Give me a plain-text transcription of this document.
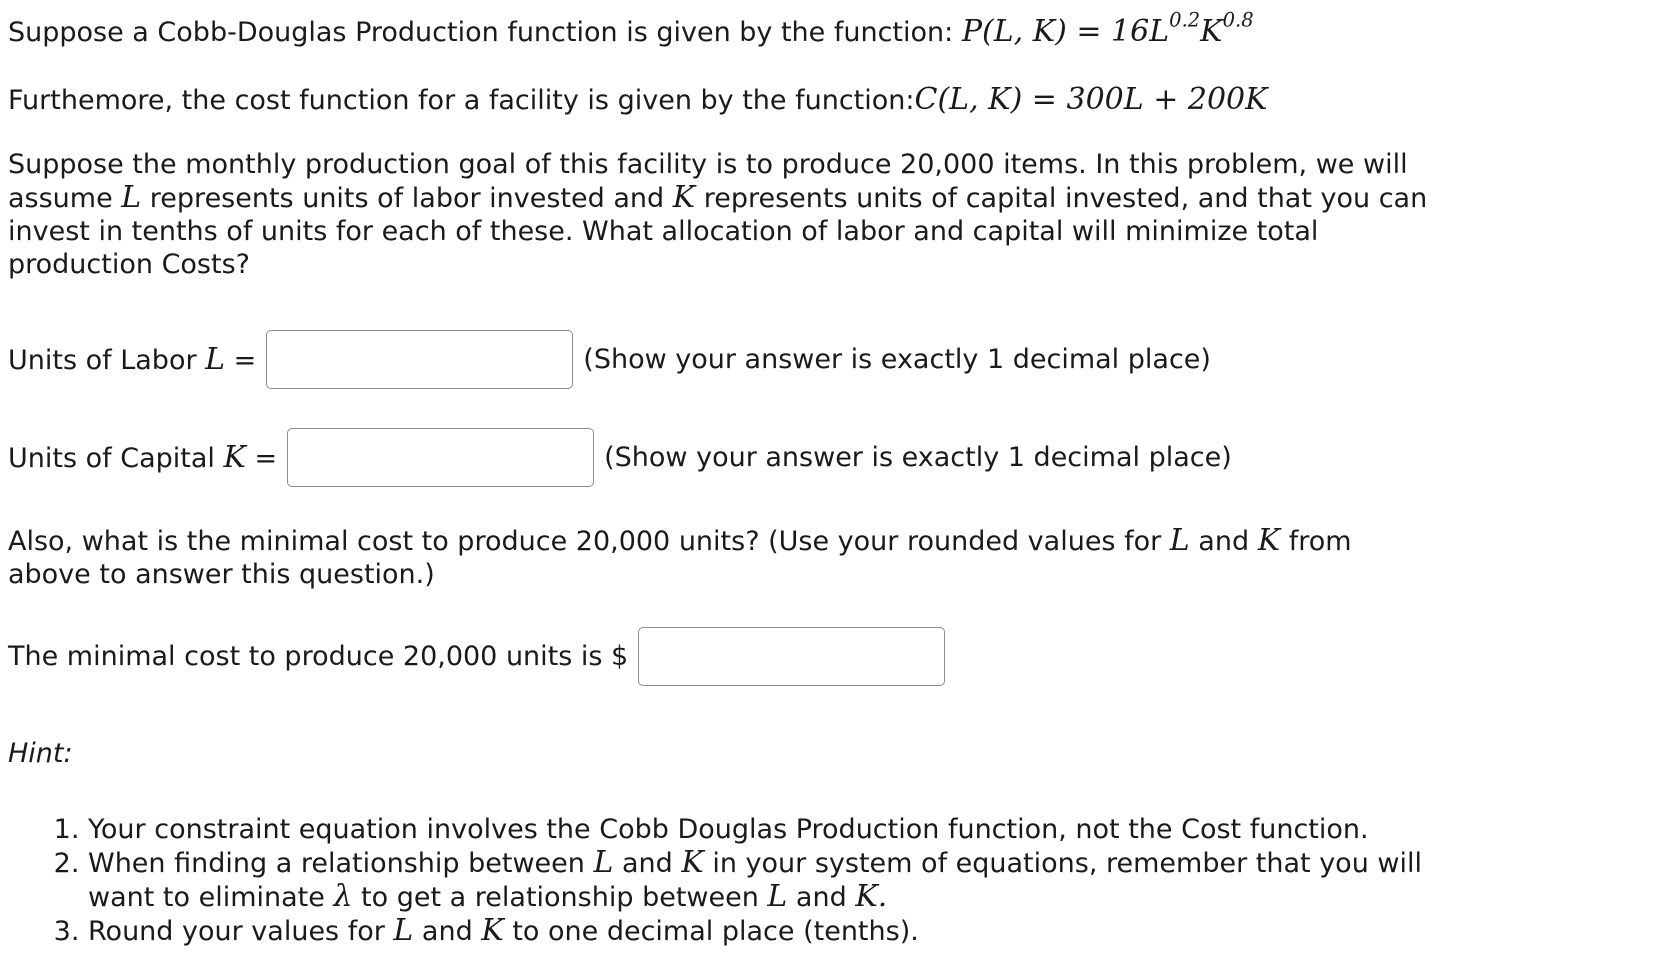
Suppose a Cobb-Douglas Production function is given by the function: P(L, $K) = 16L^{0.2}K^{0.8}$
Furthemore, the cost function for a facility is given by the function:C(L, K) = 300L + 200K
Suppose the monthly production goal of this facility is to produce 20,000 items. In this problem, we will assume L represents units of labor invested and K represents units of capital invested, and that you can invest in tenths of units for each of these. What allocation of labor and capital will minimize total production Costs?
Units of Labor L =	(Show your answer is exactly 1 decimal place)
Units of Capital K =	(Show your answer is exactly 1 decimal place)
Also, what is the minimal cost to produce 20,000 units? (Use your rounded values for L and K from above to answer this question.)
The minimal cost to produce 20,000 units is $
Hint:
1. Your constraint equation involves the Cobb Douglas Production function, not the Cost function.
2. When finding a relationship between L and K in your system of equations, remember that you will want to eliminate λ to get a relationship between L and K.
3. Round your values for L and K to one decimal place (tenths).
